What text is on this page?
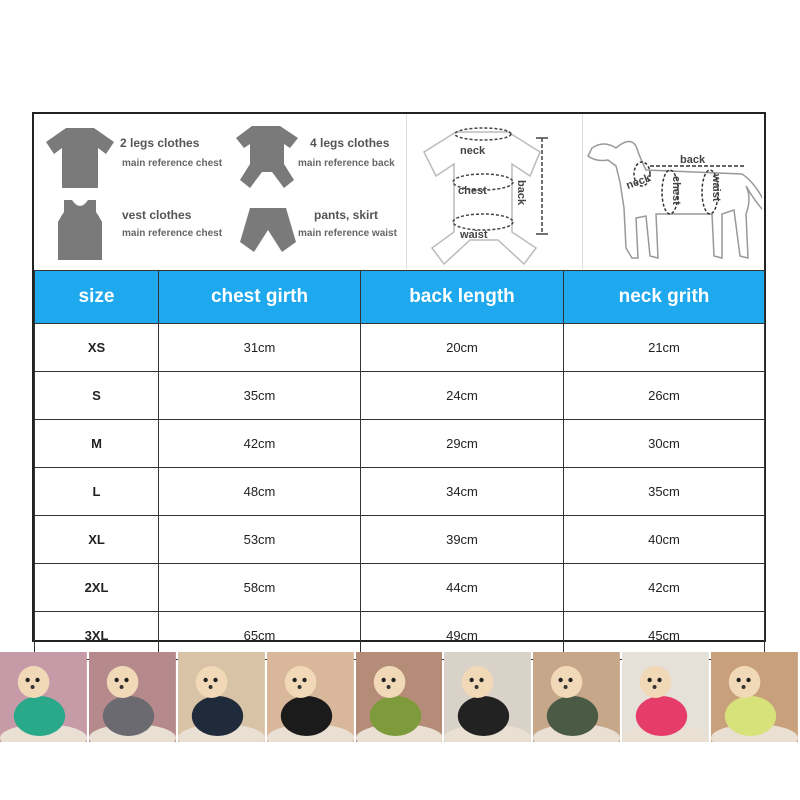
2 legs clothes
main reference chest
4 legs clothes
main reference back
vest clothes
main reference chest
pants, skirt
main reference waist
neck
chest	back
waist
back
neck chest	waist
size	chest girth	back length	neck grith
XS	31cm	20cm	21cm
S	35cm	24cm	26cm
M	42cm	29cm	30cm
L	48cm	34cm	35cm
XL	53cm	39cm	40cm
2XL	58cm	44cm	42cm
3XL	65cm	49cm	45cm
